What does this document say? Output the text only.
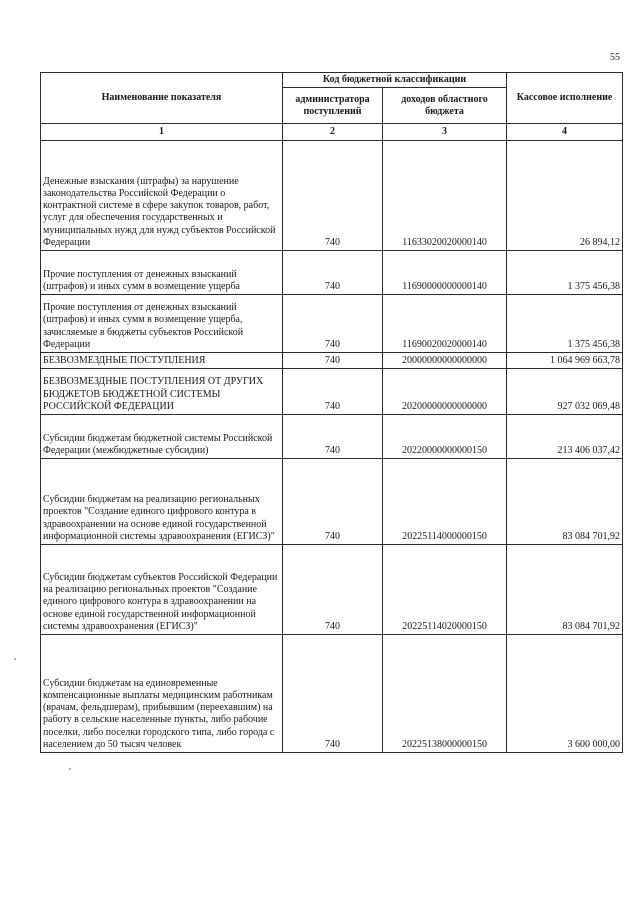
55
Наименование показателя	Код бюджетной классификации		Кассовое исполнение
	администратора поступлений	доходов областного бюджета	
1	2	3	4
Денежные взыскания (штрафы) за нарушение законодательства Российской Федерации о контрактной системе в сфере закупок товаров, работ, услуг для обеспечения государственных и муниципальных нужд для нужд субъектов Российской Федерации	740	11633020020000140	26 894,12
Прочие поступления от денежных взысканий (штрафов) и иных сумм в возмещение ущерба	740	11690000000000140	1 375 456,38
Прочие поступления от денежных взысканий (штрафов) и иных сумм в возмещение ущерба, зачисляемые в бюджеты субъектов Российской Федерации	740	11690020020000140	1 375 456,38
БЕЗВОЗМЕЗДНЫЕ ПОСТУПЛЕНИЯ	740	20000000000000000	1 064 969 663,78
БЕЗВОЗМЕЗДНЫЕ ПОСТУПЛЕНИЯ ОТ ДРУГИХ БЮДЖЕТОВ БЮДЖЕТНОЙ СИСТЕМЫ РОССИЙСКОЙ ФЕДЕРАЦИИ	740	20200000000000000	927 032 069,48
Субсидии бюджетам бюджетной системы Российской Федерации (межбюджетные субсидии)	740	20220000000000150	213 406 037,42
Субсидии бюджетам на реализацию региональных проектов "Создание единого цифрового контура в здравоохранении на основе единой государственной информационной системы здравоохранения (ЕГИСЗ)"	740	20225114000000150	83 084 701,92
Субсидии бюджетам субъектов Российской Федерации на реализацию региональных проектов "Создание единого цифрового контура в здравоохранении на основе единой государственной информационной системы здравоохранения (ЕГИСЗ)"	740	20225114020000150	83 084 701,92
Субсидии бюджетам на единовременные компенсационные выплаты медицинским работникам (врачам, фельдшерам), прибывшим (переехавшим) на работу в сельские населенные пункты, либо рабочие поселки, либо поселки городского типа, либо города с населением до 50 тысяч человек	740	20225138000000150	3 600 000,00
